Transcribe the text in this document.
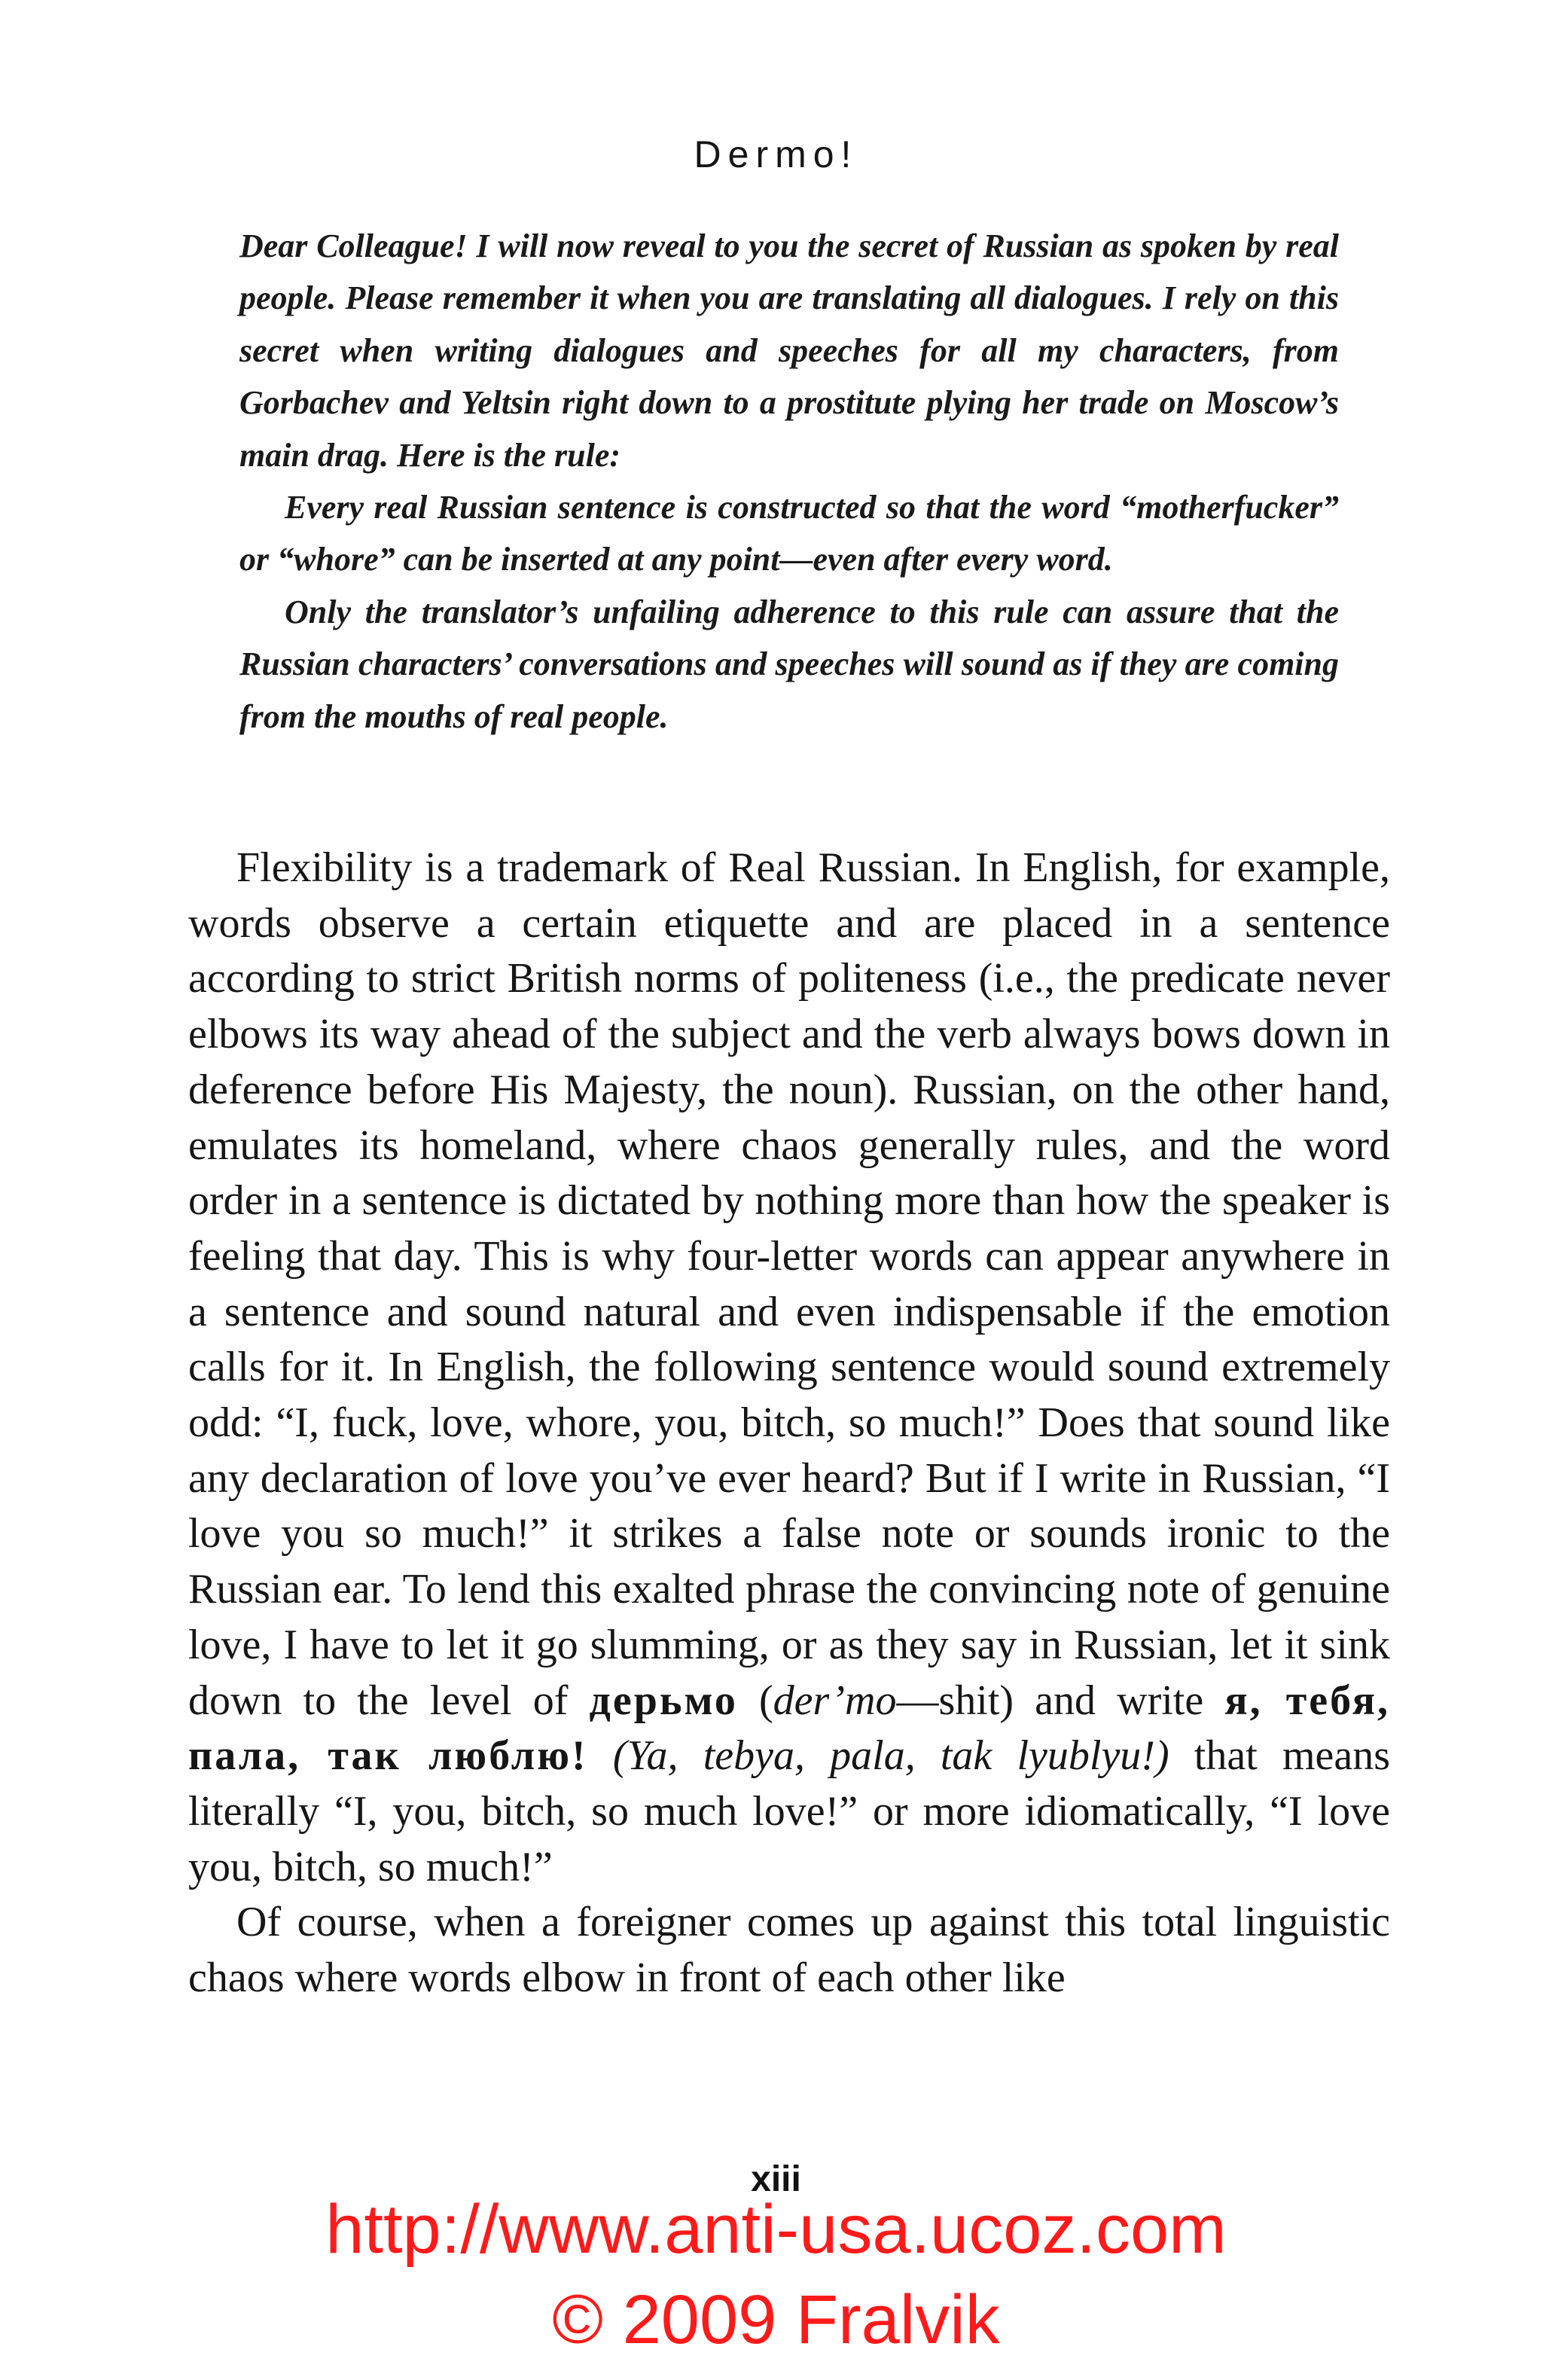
Dermo!

Dear Colleague! I will now reveal to you the secret of Russian as spoken by real people. Please remember it when you are translating all dialogues. I rely on this secret when writing dialogues and speeches for all my characters, from Gorbachev and Yeltsin right down to a prostitute plying her trade on Moscow’s main drag. Here is the rule:

Every real Russian sentence is constructed so that the word “motherfucker” or “whore” can be inserted at any point—even after every word.

Only the translator’s unfailing adherence to this rule can assure that the Russian characters’ conversations and speeches will sound as if they are coming from the mouths of real people.

Flexibility is a trademark of Real Russian. In English, for example, words observe a certain etiquette and are placed in a sentence according to strict British norms of politeness (i.e., the predicate never elbows its way ahead of the subject and the verb always bows down in deference before His Majesty, the noun). Russian, on the other hand, emulates its homeland, where chaos generally rules, and the word order in a sentence is dictated by nothing more than how the speaker is feeling that day. This is why four-letter words can appear anywhere in a sentence and sound natural and even indispensable if the emotion calls for it. In English, the following sentence would sound extremely odd: “I, fuck, love, whore, you, bitch, so much!” Does that sound like any declaration of love you’ve ever heard? But if I write in Russian, “I love you so much!” it strikes a false note or sounds ironic to the Russian ear. To lend this exalted phrase the convincing note of genuine love, I have to let it go slumming, or as they say in Russian, let it sink down to the level of дерьмо (der’mo—shit) and write я, тебя, пала, так люблю! (Ya, tebya, pala, tak lyublyu!) that means literally “I, you, bitch, so much love!” or more idiomatically, “I love you, bitch, so much!”

Of course, when a foreigner comes up against this total linguistic chaos where words elbow in front of each other like

xiii
http://www.anti-usa.ucoz.com
© 2009 Fralvik
